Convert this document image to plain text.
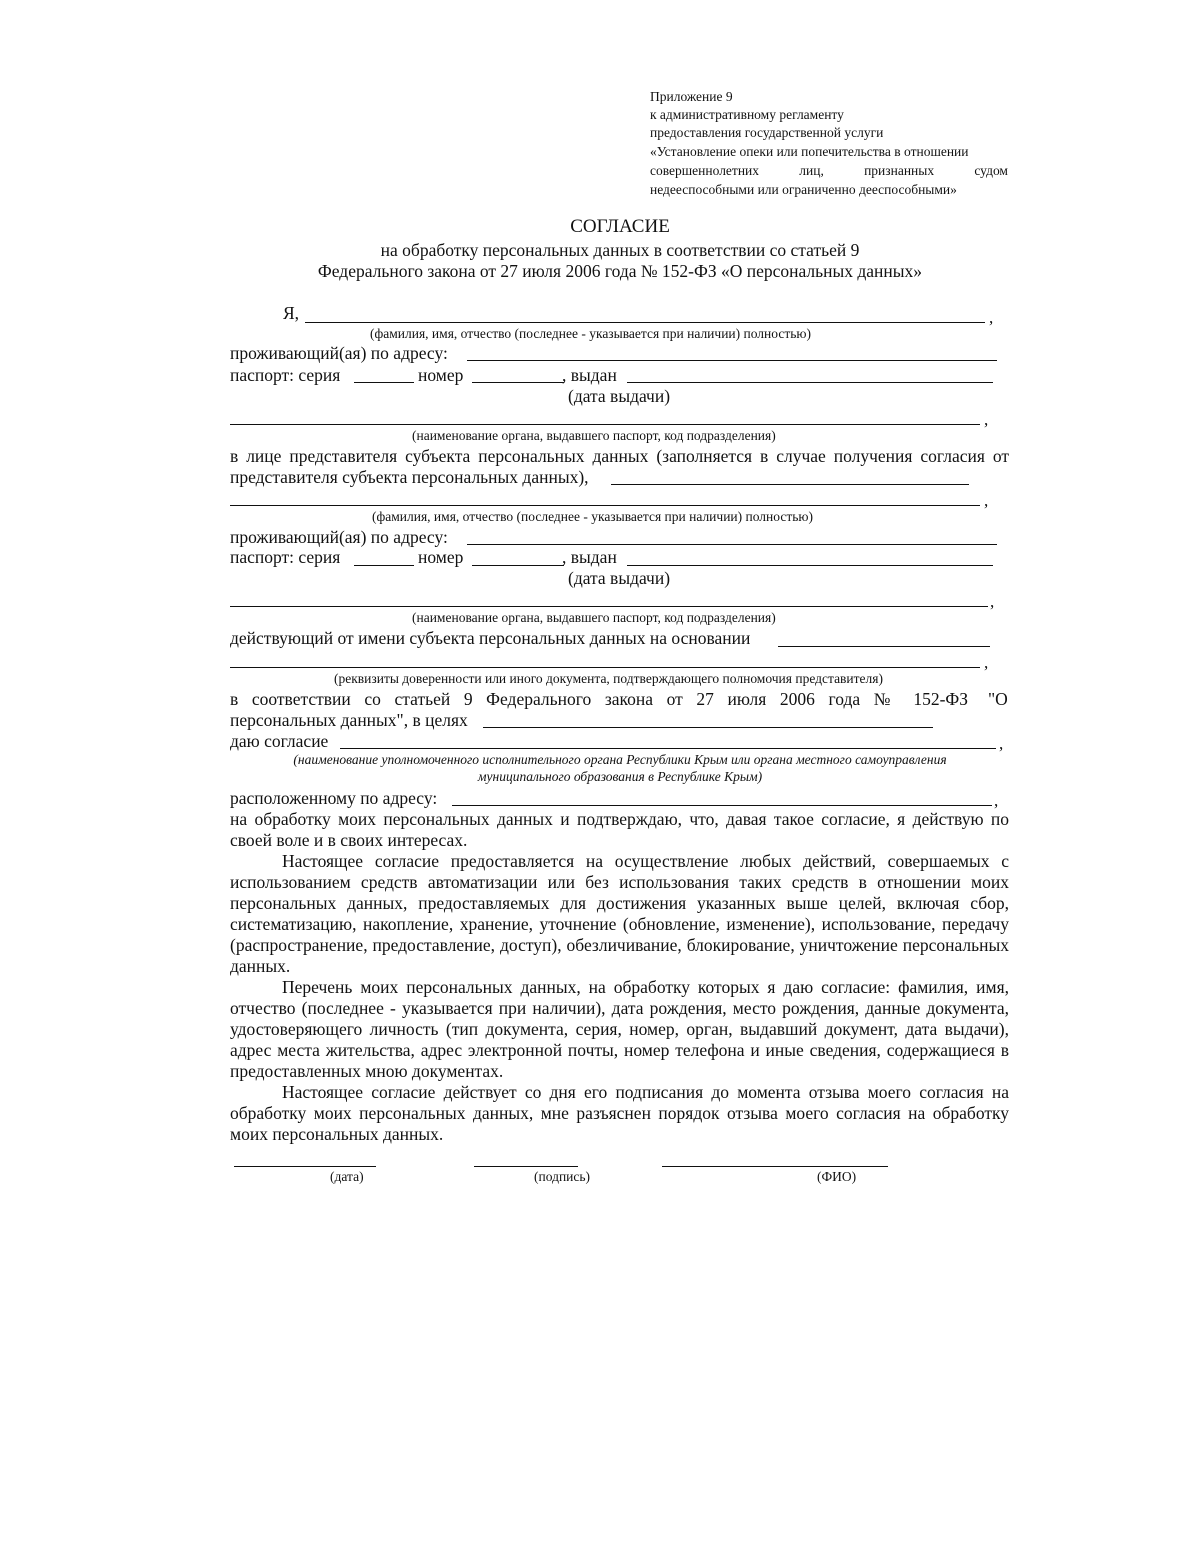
Приложение 9
к административному регламенту
предоставления государственной услуги
«Установление опеки или попечительства в отношении
совершеннолетних	лиц,	признанных	судом
недееспособными или ограниченно дееспособными»
СОГЛАСИЕ
на обработку персональных данных в соответствии со статьей 9
Федерального закона от 27 июля 2006 года № 152-ФЗ «О персональных данных»
Я,	,
(фамилия, имя, отчество (последнее - указывается при наличии) полностью)
проживающий(ая) по адресу:
паспорт: серия	номер	, выдан
(дата выдачи)
,
(наименование органа, выдавшего паспорт, код подразделения)
в лице представителя субъекта персональных данных (заполняется в случае получения согласия от
представителя субъекта персональных данных),
,
(фамилия, имя, отчество (последнее - указывается при наличии) полностью)
проживающий(ая) по адресу:
паспорт: серия	номер	, выдан
(дата выдачи)
,
(наименование органа, выдавшего паспорт, код подразделения)
действующий от имени субъекта персональных данных на основании
,
(реквизиты доверенности или иного документа, подтверждающего полномочия представителя)
в соответствии со статьей 9 Федерального закона от 27 июля 2006 года № 152-ФЗ "О
персональных данных", в целях
даю согласие	,
(наименование уполномоченного исполнительного органа Республики Крым или органа местного самоуправления
муниципального образования в Республике Крым)
расположенному по адресу:	,
на обработку моих персональных данных и подтверждаю, что, давая такое согласие, я действую по
своей воле и в своих интересах.

Настоящее согласие предоставляется на осуществление любых действий, совершаемых с использованием средств автоматизации или без использования таких средств в отношении моих персональных данных, предоставляемых для достижения указанных выше целей, включая сбор, систематизацию, накопление, хранение, уточнение (обновление, изменение), использование, передачу (распространение, предоставление, доступ), обезличивание, блокирование, уничтожение персональных данных.

Перечень моих персональных данных, на обработку которых я даю согласие: фамилия, имя, отчество (последнее - указывается при наличии), дата рождения, место рождения, данные документа, удостоверяющего личность (тип документа, серия, номер, орган, выдавший документ, дата выдачи), адрес места жительства, адрес электронной почты, номер телефона и иные сведения, содержащиеся в предоставленных мною документах.

Настоящее согласие действует со дня его подписания до момента отзыва моего согласия на обработку моих персональных данных, мне разъяснен порядок отзыва моего согласия на обработку моих персональных данных.

(дата)	(подпись)	(ФИО)
